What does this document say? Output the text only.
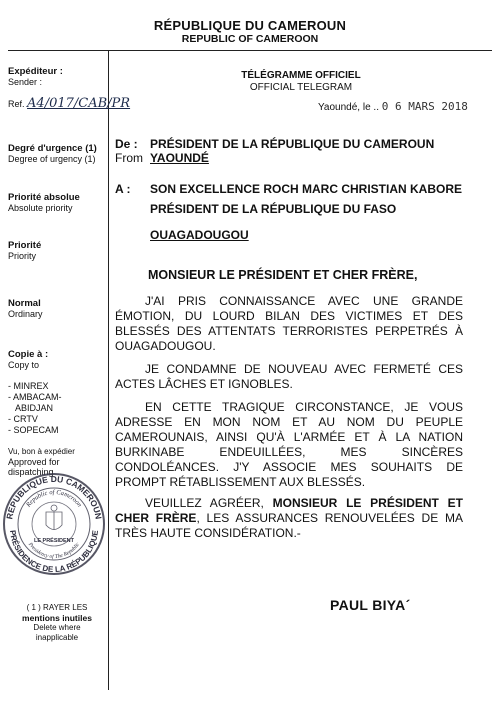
RÉPUBLIQUE DU CAMEROUN
REPUBLIC OF CAMEROON
Expéditeur :
Sender :
Ref. A4/017/CAB/PR
Degré d'urgence (1)
Degree of urgency (1)
Priorité absolue
Absolute priority
Priorité
Priority
Normal
Ordinary
Copie à :
Copy to
- MINREX
- AMBACAM-
ABIDJAN
- CRTV
- SOPECAM
Vu, bon à expédier
Approved for
dispatching
REPUBLIQUE DU CAMEROUN
PRÉSIDENCE DE LA RÉPUBLIQUE
Republic of Cameroon
Presidency of The Republic
LE PRÉSIDENT
( 1 ) RAYER LES
mentions inutiles
Delete where
inapplicable
TÉLÉGRAMME OFFICIEL
OFFICIAL TELEGRAM
Yaoundé, le .. 0 6 MARS 2018
De :
From
PRÉSIDENT DE LA RÉPUBLIQUE DU CAMEROUN
YAOUNDÉ
A : SON EXCELLENCE ROCH MARC CHRISTIAN KABORE
PRÉSIDENT DE LA RÉPUBLIQUE DU FASO
OUAGADOUGOU
MONSIEUR LE PRÉSIDENT ET CHER FRÈRE,
J'AI PRIS CONNAISSANCE AVEC UNE GRANDE ÉMOTION, DU LOURD BILAN DES VICTIMES ET DES BLESSÉS DES ATTENTATS TERRORISTES PERPETRÉS À OUAGADOUGOU.
JE CONDAMNE DE NOUVEAU AVEC FERMETÉ CES ACTES LÂCHES ET IGNOBLES.
EN CETTE TRAGIQUE CIRCONSTANCE, JE VOUS ADRESSE EN MON NOM ET AU NOM DU PEUPLE CAMEROUNAIS, AINSI QU'À L'ARMÉE ET À LA NATION BURKINABE ENDEUILLÉES, MES SINCÈRES CONDOLÉANCES. J'Y ASSOCIE MES SOUHAITS DE PROMPT RÉTABLISSEMENT AUX BLESSÉS.
VEUILLEZ AGRÉER, MONSIEUR LE PRÉSIDENT ET CHER FRÈRE, LES ASSURANCES RENOUVELÉES DE MA TRÈS HAUTE CONSIDÉRATION.-
PAUL BIYA´
